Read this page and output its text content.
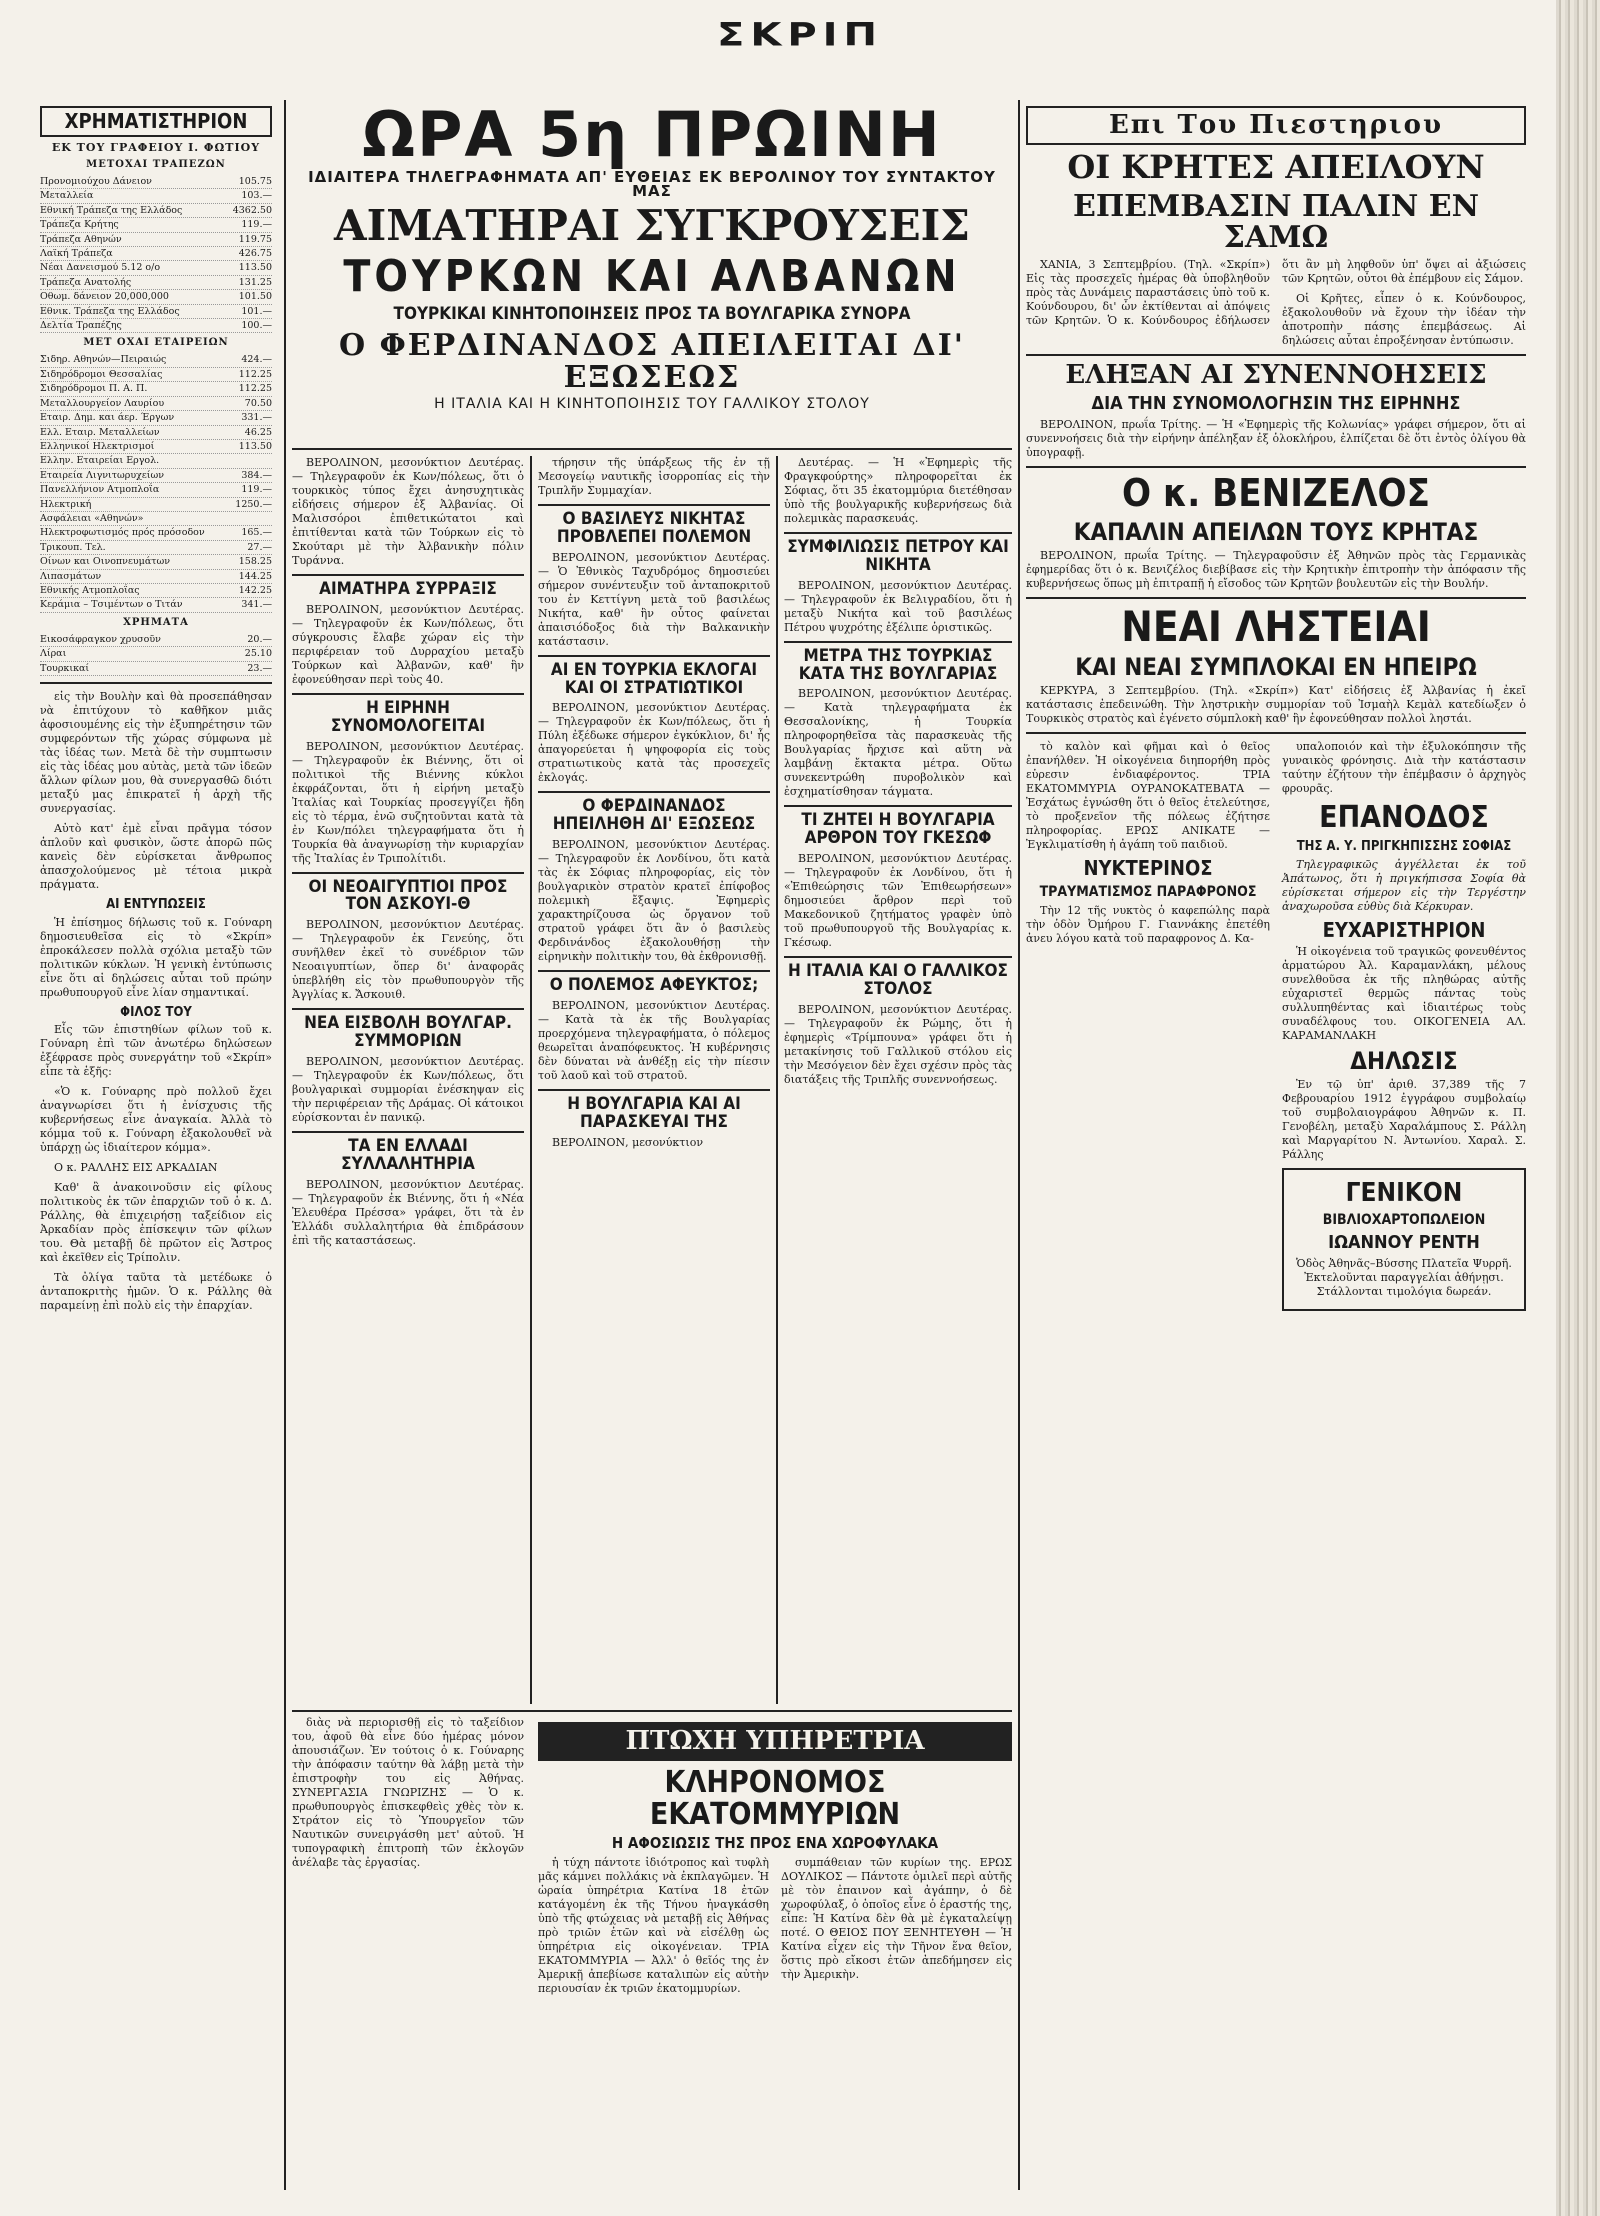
ΣΚΡΙΠ
ΧΡΗΜΑΤΙΣΤΗΡΙΟΝ
ΕΚ ΤΟΥ ΓΡΑΦΕΙΟΥ Ι. ΦΩΤΙΟΥ
ΜΕΤΟΧΑΙ ΤΡΑΠΕΖΩΝ
Προνομιούχου Δάνειον	105.75
Μεταλλεία	103.—
Εθνική Τράπεζα της Ελλάδος	4362.50
Τράπεζα Κρήτης	119.—
Τράπεζα Αθηνών	119.75
Λαϊκή Τράπεζα	426.75
Νέαι Δανεισμού 5.12 ο/ο	113.50
Τράπεζα Ανατολής	131.25
Οθωμ. δάνειον 20,000,000	101.50
Εθνικ. Τράπεζα της Ελλάδος	101.—
Δελτία Τραπέζης	100.—
ΜΕΤ ΟΧΑΙ ΕΤΑΙΡΕΙΩΝ
Σιδηρ. Αθηνών—Πειραιώς	424.—
Σιδηρόδρομοι Θεσσαλίας	112.25
Σιδηρόδρομοι Π. Α. Π.	112.25
Μεταλλουργείον Λαυρίου	70.50
Εταιρ. Δημ. και άερ. Έργων	331.—
Ελλ. Εταιρ. Μεταλλείων	46.25
Ελληνικοί Ηλεκτρισμοί	113.50
Ελλην. Εταιρείαι Εργολ.
Εταιρεία Λιγνιτωρυχείων	384.—
Πανελλήνιον Ατμοπλοΐα	119.—
Ηλεκτρική	1250.—
Ασφάλειαι «Αθηνών»
Ηλεκτροφωτισμός πρός πρόσοδον	165.—
Τρικουπ. Τελ.	27.—
Οίνων και Οινοπνευμάτων	158.25
Λιπασμάτων	144.25
Εθνικής Ατμοπλοΐας	142.25
Κεράμια – Τσιμέντων ο Τιτάν	341.—
ΧΡΗΜΑΤΑ
Εικοσάφραγκον χρυσοῦν	20.—
Λίραι	25.10
Τουρκικαί	23.—

εἰς τὴν Βουλὴν καὶ θὰ προσεπάθησαν νὰ ἐπιτύχουν τὸ καθῆκον μιᾶς ἀφοσιουμένης εἰς τὴν ἐξυπηρέτησιν τῶν συμφερόντων τῆς χώρας σύμφωνα μὲ τὰς ἰδέας των. Μετὰ δὲ τὴν συμπτωσιν εἰς τὰς ἰδέας μου αὐτὰς, μετὰ τῶν ἰδεῶν ἄλλων φίλων μου, θὰ συνεργασθῶ διότι μεταξύ μας ἐπικρατεῖ ἡ ἀρχὴ τῆς συνεργασίας.

Αὐτὸ κατ' ἐμὲ εἶναι πρᾶγμα τόσον ἁπλοῦν καὶ φυσικὸν, ὥστε ἀπορῶ πῶς κανεὶς δὲν εὑρίσκεται ἄνθρωπος ἀπασχολούμενος μὲ τέτοια μικρὰ πράγματα.

ΑΙ ΕΝΤΥΠΩΣΕΙΣ

Ἡ ἐπίσημος δήλωσις τοῦ κ. Γούναρη δημοσιευθεῖσα εἰς τὸ «Σκρίπ» ἐπροκάλεσεν πολλὰ σχόλια μεταξὺ τῶν πολιτικῶν κύκλων. Ἡ γενικὴ ἐντύπωσις εἶνε ὅτι αἱ δηλώσεις αὗται τοῦ πρώην πρωθυπουργοῦ εἶνε λίαν σημαντικαί.

ΦΙΛΟΣ ΤΟΥ

Εἷς τῶν ἐπιστηθίων φίλων τοῦ κ. Γούναρη ἐπὶ τῶν ἀνωτέρω δηλώσεων ἐξέφρασε πρὸς συνεργάτην τοῦ «Σκρίπ» εἶπε τὰ ἑξῆς:

«Ὁ κ. Γούναρης πρὸ πολλοῦ ἔχει ἀναγνωρίσει ὅτι ἡ ἐνίσχυσις τῆς κυβερνήσεως εἶνε ἀναγκαία. Ἀλλὰ τὸ κόμμα τοῦ κ. Γούναρη ἐξακολουθεῖ νὰ ὑπάρχῃ ὡς ἰδιαίτερον κόμμα».

Ο κ. ΡΑΛΛΗΣ ΕΙΣ ΑΡΚΑΔΙΑΝ

Καθ' ἃ ἀνακοινοῦσιν εἰς φίλους πολιτικοὺς ἐκ τῶν ἐπαρχιῶν τοῦ ὁ κ. Δ. Ράλλης, θὰ ἐπιχειρήσῃ ταξείδιον εἰς Ἀρκαδίαν πρὸς ἐπίσκεψιν τῶν φίλων του. Θὰ μεταβῇ δὲ πρῶτον εἰς Ἄστρος καὶ ἐκεῖθεν εἰς Τρίπολιν.

Τὰ ὀλίγα ταῦτα τὰ μετέδωκε ὁ ἀνταποκριτὴς ἡμῶν. Ὁ κ. Ράλλης θὰ παραμείνῃ ἐπὶ πολὺ εἰς τὴν ἐπαρχίαν.

ΩΡΑ 5η ΠΡΩΙΝΗ
ΙΔΙΑΙΤΕΡΑ ΤΗΛΕΓΡΑΦΗΜΑΤΑ ΑΠ' ΕΥΘΕΙΑΣ ΕΚ ΒΕΡΟΛΙΝΟΥ ΤΟΥ ΣΥΝΤΑΚΤΟΥ ΜΑΣ
ΑΙΜΑΤΗΡΑΙ ΣΥΓΚΡΟΥΣΕΙΣ
ΤΟΥΡΚΩΝ ΚΑΙ ΑΛΒΑΝΩΝ
ΤΟΥΡΚΙΚΑΙ ΚΙΝΗΤΟΠΟΙΗΣΕΙΣ ΠΡΟΣ ΤΑ ΒΟΥΛΓΑΡΙΚΑ ΣΥΝΟΡΑ
Ο ΦΕΡΔΙΝΑΝΔΟΣ ΑΠΕΙΛΕΙΤΑΙ ΔΙ' ΕΞΩΣΕΩΣ
Η ΙΤΑΛΙΑ ΚΑΙ Η ΚΙΝΗΤΟΠΟΙΗΣΙΣ ΤΟΥ ΓΑΛΛΙΚΟΥ ΣΤΟΛΟΥ

ΒΕΡΟΛΙΝΟΝ, μεσονύκτιον Δευτέρας. — Τηλεγραφοῦν ἐκ Κων/πόλεως, ὅτι ὁ τουρκικὸς τύπος ἔχει ἀνησυχητικὰς εἰδήσεις σήμερον ἐξ Ἀλβανίας. Οἱ Μαλισσόροι ἐπιθετικώτατοι καὶ ἐπιτίθενται κατὰ τῶν Τούρκων εἰς τὸ Σκούταρι μὲ τὴν Ἀλβανικὴν πόλιν Τυράννα.

ΑΙΜΑΤΗΡΑ ΣΥΡΡΑΞΙΣ

ΒΕΡΟΛΙΝΟΝ, μεσονύκτιον Δευτέρας. — Τηλεγραφοῦν ἐκ Κων/πόλεως, ὅτι σύγκρουσις ἔλαβε χώραν εἰς τὴν περιφέρειαν τοῦ Δυρραχίου μεταξὺ Τούρκων καὶ Ἀλβανῶν, καθ' ἣν ἐφονεύθησαν περὶ τοὺς 40.

Η ΕΙΡΗΝΗ ΣΥΝΟΜΟΛΟΓΕΙΤΑΙ

ΒΕΡΟΛΙΝΟΝ, μεσονύκτιον Δευτέρας. — Τηλεγραφοῦν ἐκ Βιέννης, ὅτι οἱ πολιτικοὶ τῆς Βιέννης κύκλοι ἐκφράζονται, ὅτι ἡ εἰρήνη μεταξὺ Ἰταλίας καὶ Τουρκίας προσεγγίζει ἤδη εἰς τὸ τέρμα, ἐνῶ συζητοῦνται κατὰ τὰ ἐν Κων/πόλει τηλεγραφήματα ὅτι ἡ Τουρκία θὰ ἀναγνωρίσῃ τὴν κυριαρχίαν τῆς Ἰταλίας ἐν Τριπολίτιδι.

ΟΙ ΝΕΟΑΙΓΥΠΤΙΟΙ ΠΡΟΣ ΤΟΝ ΑΣΚΟΥΙ-Θ

ΒΕΡΟΛΙΝΟΝ, μεσονύκτιον Δευτέρας. — Τηλεγραφοῦν ἐκ Γενεύης, ὅτι συνῆλθεν ἐκεῖ τὸ συνέδριον τῶν Νεοαιγυπτίων, ὅπερ δι' ἀναφορᾶς ὑπεβλήθη εἰς τὸν πρωθυπουργὸν τῆς Ἀγγλίας κ. Ἄσκουιθ.

ΝΕΑ ΕΙΣΒΟΛΗ ΒΟΥΛΓΑΡ. ΣΥΜΜΟΡΙΩΝ

ΒΕΡΟΛΙΝΟΝ, μεσονύκτιον Δευτέρας. — Τηλεγραφοῦν ἐκ Κων/πόλεως, ὅτι βουλγαρικαὶ συμμορίαι ἐνέσκηψαν εἰς τὴν περιφέρειαν τῆς Δράμας. Οἱ κάτοικοι εὑρίσκονται ἐν πανικῷ.

ΤΑ ΕΝ ΕΛΛΑΔΙ ΣΥΛΛΑΛΗΤΗΡΙΑ

ΒΕΡΟΛΙΝΟΝ, μεσονύκτιον Δευτέρας. — Τηλεγραφοῦν ἐκ Βιέννης, ὅτι ἡ «Νέα Ἐλευθέρα Πρέσσα» γράφει, ὅτι τὰ ἐν Ἑλλάδι συλλαλητήρια θὰ ἐπιδράσουν ἐπὶ τῆς καταστάσεως.

τήρησιν τῆς ὑπάρξεως τῆς ἐν τῇ Μεσογείῳ ναυτικῆς ἰσορροπίας εἰς τὴν Τριπλῆν Συμμαχίαν.

Ο ΒΑΣΙΛΕΥΣ ΝΙΚΗΤΑΣ ΠΡΟΒΛΕΠΕΙ ΠΟΛΕΜΟΝ

ΒΕΡΟΛΙΝΟΝ, μεσονύκτιον Δευτέρας. — Ὁ Ἐθνικὸς Ταχυδρόμος δημοσιεύει σήμερον συνέντευξιν τοῦ ἀνταποκριτοῦ του ἐν Κεττίγνη μετὰ τοῦ βασιλέως Νικήτα, καθ' ἣν οὗτος φαίνεται ἀπαισιόδοξος διὰ τὴν Βαλκανικὴν κατάστασιν.

ΑΙ ΕΝ ΤΟΥΡΚΙΑ ΕΚΛΟΓΑΙ ΚΑΙ ΟΙ ΣΤΡΑΤΙΩΤΙΚΟΙ

ΒΕΡΟΛΙΝΟΝ, μεσονύκτιον Δευτέρας. — Τηλεγραφοῦν ἐκ Κων/πόλεως, ὅτι ἡ Πύλη ἐξέδωκε σήμερον ἐγκύκλιον, δι' ἧς ἀπαγορεύεται ἡ ψηφοφορία εἰς τοὺς στρατιωτικοὺς κατὰ τὰς προσεχεῖς ἐκλογάς.

Ο ΦΕΡΔΙΝΑΝΔΟΣ ΗΠΕΙΛΗΘΗ ΔΙ' ΕΞΩΣΕΩΣ

ΒΕΡΟΛΙΝΟΝ, μεσονύκτιον Δευτέρας. — Τηλεγραφοῦν ἐκ Λονδίνου, ὅτι κατὰ τὰς ἐκ Σόφιας πληροφορίας, εἰς τὸν βουλγαρικὸν στρατὸν κρατεῖ ἐπίφοβος πολεμικὴ ἔξαψις. Ἐφημερὶς χαρακτηρίζουσα ὡς ὄργανον τοῦ στρατοῦ γράφει ὅτι ἂν ὁ βασιλεὺς Φερδινάνδος ἐξακολουθήσῃ τὴν εἰρηνικὴν πολιτικὴν του, θὰ ἐκθρονισθῇ.

Ο ΠΟΛΕΜΟΣ ΑΦΕΥΚΤΟΣ;

ΒΕΡΟΛΙΝΟΝ, μεσονύκτιον Δευτέρας. — Κατὰ τὰ ἐκ τῆς Βουλγαρίας προερχόμενα τηλεγραφήματα, ὁ πόλεμος θεωρεῖται ἀναπόφευκτος. Ἡ κυβέρνησις δὲν δύναται νὰ ἀνθέξῃ εἰς τὴν πίεσιν τοῦ λαοῦ καὶ τοῦ στρατοῦ.

Η ΒΟΥΛΓΑΡΙΑ ΚΑΙ ΑΙ ΠΑΡΑΣΚΕΥΑΙ ΤΗΣ

ΒΕΡΟΛΙΝΟΝ, μεσονύκτιον

Δευτέρας. — Ἡ «Ἐφημερὶς τῆς Φραγκφούρτης» πληροφορεῖται ἐκ Σόφιας, ὅτι 35 ἐκατομμύρια διετέθησαν ὑπὸ τῆς βουλγαρικῆς κυβερνήσεως διὰ πολεμικὰς παρασκευάς.

ΣΥΜΦΙΛΙΩΣΙΣ ΠΕΤΡΟΥ ΚΑΙ ΝΙΚΗΤΑ

ΒΕΡΟΛΙΝΟΝ, μεσονύκτιον Δευτέρας. — Τηλεγραφοῦν ἐκ Βελιγραδίου, ὅτι ἡ μεταξὺ Νικήτα καὶ τοῦ βασιλέως Πέτρου ψυχρότης ἐξέλιπε ὁριστικῶς.

ΜΕΤΡΑ ΤΗΣ ΤΟΥΡΚΙΑΣ ΚΑΤΑ ΤΗΣ ΒΟΥΛΓΑΡΙΑΣ

ΒΕΡΟΛΙΝΟΝ, μεσονύκτιον Δευτέρας. — Κατὰ τηλεγραφήματα ἐκ Θεσσαλονίκης, ἡ Τουρκία πληροφορηθεῖσα τὰς παρασκευὰς τῆς Βουλγαρίας ἤρχισε καὶ αὕτη νὰ λαμβάνῃ ἔκτακτα μέτρα. Οὕτω συνεκεντρώθη πυροβολικὸν καὶ ἐσχηματίσθησαν τάγματα.

ΤΙ ΖΗΤΕΙ Η ΒΟΥΛΓΑΡΙΑ ΑΡΘΡΟΝ ΤΟΥ ΓΚΕΣΩΦ

ΒΕΡΟΛΙΝΟΝ, μεσονύκτιον Δευτέρας. — Τηλεγραφοῦν ἐκ Λονδίνου, ὅτι ἡ «Ἐπιθεώρησις τῶν Ἐπιθεωρήσεων» δημοσιεύει ἄρθρον περὶ τοῦ Μακεδονικοῦ ζητήματος γραφὲν ὑπὸ τοῦ πρωθυπουργοῦ τῆς Βουλγαρίας κ. Γκέσωφ.

Η ΙΤΑΛΙΑ ΚΑΙ Ο ΓΑΛΛΙΚΟΣ ΣΤΟΛΟΣ

ΒΕΡΟΛΙΝΟΝ, μεσονύκτιον Δευτέρας. — Τηλεγραφοῦν ἐκ Ρώμης, ὅτι ἡ ἐφημερὶς «Τρίμπουνα» γράφει ὅτι ἡ μετακίνησις τοῦ Γαλλικοῦ στόλου εἰς τὴν Μεσόγειον δὲν ἔχει σχέσιν πρὸς τὰς διατάξεις τῆς Τριπλῆς συνεννοήσεως.

διὰς νὰ περιορισθῇ εἰς τὸ ταξείδιον του, ἀφοῦ θὰ εἶνε δύο ἡμέρας μόνον ἀπουσιάζων. Ἐν τούτοις ὁ κ. Γούναρης τὴν ἀπόφασιν ταύτην θὰ λάβῃ μετὰ τὴν ἐπιστροφὴν του εἰς Ἀθήνας. ΣΥΝΕΡΓΑΣΙΑ ΓΝΩΡΙΖΗΣ — Ὁ κ. πρωθυπουργὸς ἐπισκεφθεὶς χθὲς τὸν κ. Στράτον εἰς τὸ Ὑπουργεῖον τῶν Ναυτικῶν συνειργάσθη μετ' αὐτοῦ. Ἡ τυπογραφικὴ ἐπιτροπὴ τῶν ἐκλογῶν ἀνέλαβε τὰς ἐργασίας.

ΠΤΩΧΗ ΥΠΗΡΕΤΡΙΑ
ΚΛΗΡΟΝΟΜΟΣ ΕΚΑΤΟΜΜΥΡΙΩΝ
Η ΑΦΟΣΙΩΣΙΣ ΤΗΣ ΠΡΟΣ ΕΝΑ ΧΩΡΟΦΥΛΑΚΑ

ἡ τύχη πάντοτε ἰδιότροπος καὶ τυφλὴ μᾶς κάμνει πολλάκις νὰ ἐκπλαγῶμεν. Ἡ ὡραία ὑπηρέτρια Κατίνα 18 ἐτῶν κατάγομένη ἐκ τῆς Τήνου ἠναγκάσθη ὑπὸ τῆς φτώχειας νὰ μεταβῇ εἰς Ἀθήνας πρὸ τριῶν ἐτῶν καὶ νὰ εἰσέλθῃ ὡς ὑπηρέτρια εἰς οἰκογένειαν. ΤΡΙΑ ΕΚΑΤΟΜΜΥΡΙΑ — Ἀλλ' ὁ θεῖός της ἐν Ἀμερικῇ ἀπεβίωσε καταλιπὼν εἰς αὐτὴν περιουσίαν ἐκ τριῶν ἑκατομμυρίων.

συμπάθειαν τῶν κυρίων της. ΕΡΩΣ ΔΟΥΛΙΚΟΣ — Πάντοτε ὁμιλεῖ περὶ αὐτῆς μὲ τὸν ἐπαινον καὶ ἀγάπην, ὁ δὲ χωροφύλαξ, ὁ ὁποῖος εἶνε ὁ ἐραστής της, εἶπε: Ἡ Κατίνα δὲν θὰ μὲ ἐγκαταλείψῃ ποτέ. Ο ΘΕΙΟΣ ΠΟΥ ΞΕΝΗΤΕΥΘΗ — Ἡ Κατίνα εἶχεν εἰς τὴν Τῆνον ἕνα θεῖον, ὅστις πρὸ εἴκοσι ἐτῶν ἀπεδήμησεν εἰς τὴν Ἀμερικὴν.

Επι Του Πιεστηριου
ΟΙ ΚΡΗΤΕΣ ΑΠΕΙΛΟΥΝ
ΕΠΕΜΒΑΣΙΝ ΠΑΛΙΝ ΕΝ ΣΑΜΩ

ΧΑΝΙΑ, 3 Σεπτεμβρίου. (Τηλ. «Σκρίπ») Εἰς τὰς προσεχεῖς ἡμέρας θὰ ὑποβληθοῦν πρὸς τὰς Δυνάμεις παραστάσεις ὑπὸ τοῦ κ. Κούνδουρου, δι' ὧν ἐκτίθενται αἱ ἀπόψεις τῶν Κρητῶν. Ὁ κ. Κούνδουρος ἐδήλωσεν ὅτι ἂν μὴ ληφθοῦν ὑπ' ὄψει αἱ ἀξιώσεις τῶν Κρητῶν, οὗτοι θὰ ἐπέμβουν εἰς Σάμον.

Οἱ Κρῆτες, εἶπεν ὁ κ. Κούνδουρος, ἐξακολουθοῦν νὰ ἔχουν τὴν ἰδέαν τὴν ἀποτροπὴν πάσης ἐπεμβάσεως. Αἱ δηλώσεις αὗται ἐπροξένησαν ἐντύπωσιν.

ΕΛΗΞΑΝ ΑΙ ΣΥΝΕΝΝΟΗΣΕΙΣ
ΔΙΑ ΤΗΝ ΣΥΝΟΜΟΛΟΓΗΣΙΝ ΤΗΣ ΕΙΡΗΝΗΣ

ΒΕΡΟΛΙΝΟΝ, πρωΐα Τρίτης. — Ἡ «Ἐφημερὶς τῆς Κολωνίας» γράφει σήμερον, ὅτι αἱ συνεννοήσεις διὰ τὴν εἰρήνην ἀπέληξαν ἐξ ὁλοκλήρου, ἐλπίζεται δὲ ὅτι ἐντὸς ὀλίγου θὰ ὑπογραφῇ.

Ο κ. ΒΕΝΙΖΕΛΟΣ
ΚΑΠΑΛΙΝ ΑΠΕΙΛΩΝ ΤΟΥΣ ΚΡΗΤΑΣ

ΒΕΡΟΛΙΝΟΝ, πρωΐα Τρίτης. — Τηλεγραφοῦσιν ἐξ Ἀθηνῶν πρὸς τὰς Γερμανικὰς ἐφημερίδας ὅτι ὁ κ. Βενιζέλος διεβίβασε εἰς τὴν Κρητικὴν ἐπιτροπὴν τὴν ἀπόφασιν τῆς κυβερνήσεως ὅπως μὴ ἐπιτραπῇ ἡ εἴσοδος τῶν Κρητῶν βουλευτῶν εἰς τὴν Βουλήν.

ΝΕΑΙ ΛΗΣΤΕΙΑΙ
ΚΑΙ ΝΕΑΙ ΣΥΜΠΛΟΚΑΙ ΕΝ ΗΠΕΙΡΩ

ΚΕΡΚΥΡΑ, 3 Σεπτεμβρίου. (Τηλ. «Σκρίπ») Κατ' εἰδήσεις ἐξ Ἀλβανίας ἡ ἐκεῖ κατάστασις ἐπεδεινώθη. Τὴν ληστρικὴν συμμορίαν τοῦ Ἰσμαὴλ Κεμὰλ κατεδίωξεν ὁ Τουρκικὸς στρατὸς καὶ ἐγένετο σύμπλοκὴ καθ' ἣν ἐφονεύθησαν πολλοὶ ληστάι.

τὸ καλὸν καὶ φῆμαι καὶ ὁ θεῖος ἐπανήλθεν. Ἡ οἰκογένεια διηπορήθη πρὸς εὑρεσιν ἐνδιαφέροντος. ΤΡΙΑ ΕΚΑΤΟΜΜΥΡΙΑ ΟΥΡΑΝΟΚΑΤΕΒΑΤΑ — Ἐσχάτως ἐγνώσθη ὅτι ὁ θεῖος ἐτελεύτησε, τὸ προξενεῖον τῆς πόλεως ἐζήτησε πληροφορίας. ΕΡΩΣ ΑΝΙΚΑΤΕ — Ἐγκλιματίσθη ἡ ἀγάπη τοῦ παιδιοῦ.

ΝΥΚΤΕΡΙΝΟΣ
ΤΡΑΥΜΑΤΙΣΜΟΣ ΠΑΡΑΦΡΟΝΟΣ

Τὴν 12 τῆς νυκτὸς ὁ καφεπώλης παρὰ τὴν ὁδὸν Ὀμήρου Γ. Γιαννάκης ἐπετέθη ἀνευ λόγου κατὰ τοῦ παραφρονος Δ. Κα-

υπαλοποιόν καὶ τὴν ἐξυλοκόπησιν τῆς γυναικὸς φρόνησις. Διὰ τὴν κατάστασιν ταύτην ἐζήτουν τὴν ἐπέμβασιν ὁ ἀρχηγὸς φρουρᾶς.

ΕΠΑΝΟΔΟΣ
ΤΗΣ Α. Υ. ΠΡΙΓΚΗΠΙΣΣΗΣ ΣΟΦΙΑΣ

Τηλεγραφικῶς ἀγγέλλεται ἐκ τοῦ Ἀπάτωνος, ὅτι ἡ πριγκήπισσα Σοφία θὰ εὑρίσκεται σήμερον εἰς τὴν Τεργέστην ἀναχωροῦσα εὐθὺς διὰ Κέρκυραν.

ΕΥΧΑΡΙΣΤΗΡΙΟΝ

Ἡ οἰκογένεια τοῦ τραγικῶς φονευθέντος ἀρματώρου Ἀλ. Καραμανλάκη, μέλους συνελθοῦσα ἐκ τῆς πληθώρας αὐτῆς εὐχαριστεῖ θερμῶς πάντας τοὺς συλλυπηθέντας καὶ ἰδιαιτέρως τοὺς συναδέλφους του. ΟΙΚΟΓΕΝΕΙΑ ΑΛ. ΚΑΡΑΜΑΝΛΑΚΗ

ΔΗΛΩΣΙΣ

Ἐν τῷ ὑπ' ἀριθ. 37,389 τῆς 7 Φεβρουαρίου 1912 ἐγγράφου συμβολαίῳ τοῦ συμβολαιογράφου Ἀθηνῶν κ. Π. Γενοβέλη, μεταξὺ Χαραλάμπους Σ. Ράλλη καὶ Μαργαρίτου Ν. Ἀντωνίου. Χαραλ. Σ. Ράλλης

ΓΕΝΙΚΟΝ
ΒΙΒΛΙΟΧΑΡΤΟΠΩΛΕΙΟΝ
ΙΩΑΝΝΟΥ ΡΕΝΤΗ

Ὁδὸς Ἀθηνᾶς–Βύσσης Πλατεῖα Ψυρρῆ. Ἐκτελοῦνται παραγγελίαι ἀθήνῃσι. Στάλλονται τιμολόγια δωρεάν.
